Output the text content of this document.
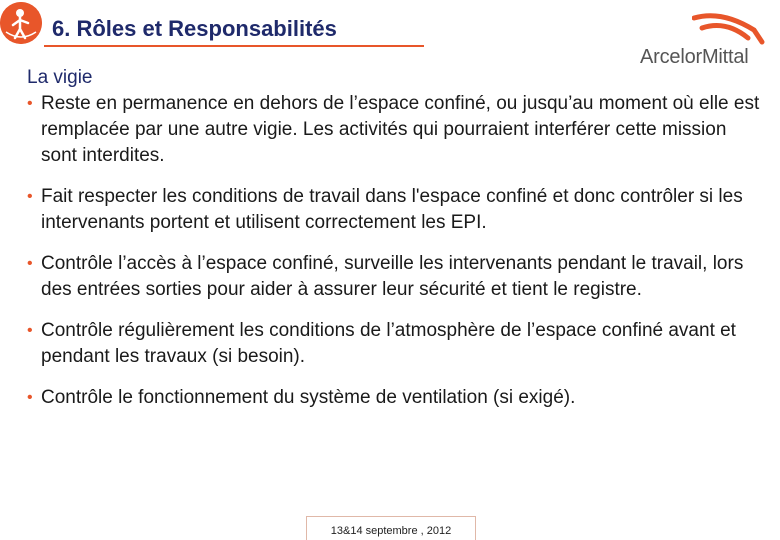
6. Rôles et Responsabilités
ArcelorMittal
La vigie
• Reste en permanence en dehors de l’espace confiné, ou jusqu’au moment où elle est remplacée par une autre vigie. Les activités qui pourraient interférer cette mission sont interdites.
• Fait respecter les conditions de travail dans l'espace confiné et donc contrôler si les intervenants portent et utilisent correctement les EPI.
• Contrôle l’accès à l’espace confiné, surveille les intervenants pendant le travail, lors des entrées sorties pour aider à assurer leur sécurité et tient le registre.
• Contrôle régulièrement les conditions de l’atmosphère de l’espace confiné avant et pendant les travaux (si besoin).
• Contrôle le fonctionnement du système de ventilation (si exigé).
13&14 septembre , 2012
